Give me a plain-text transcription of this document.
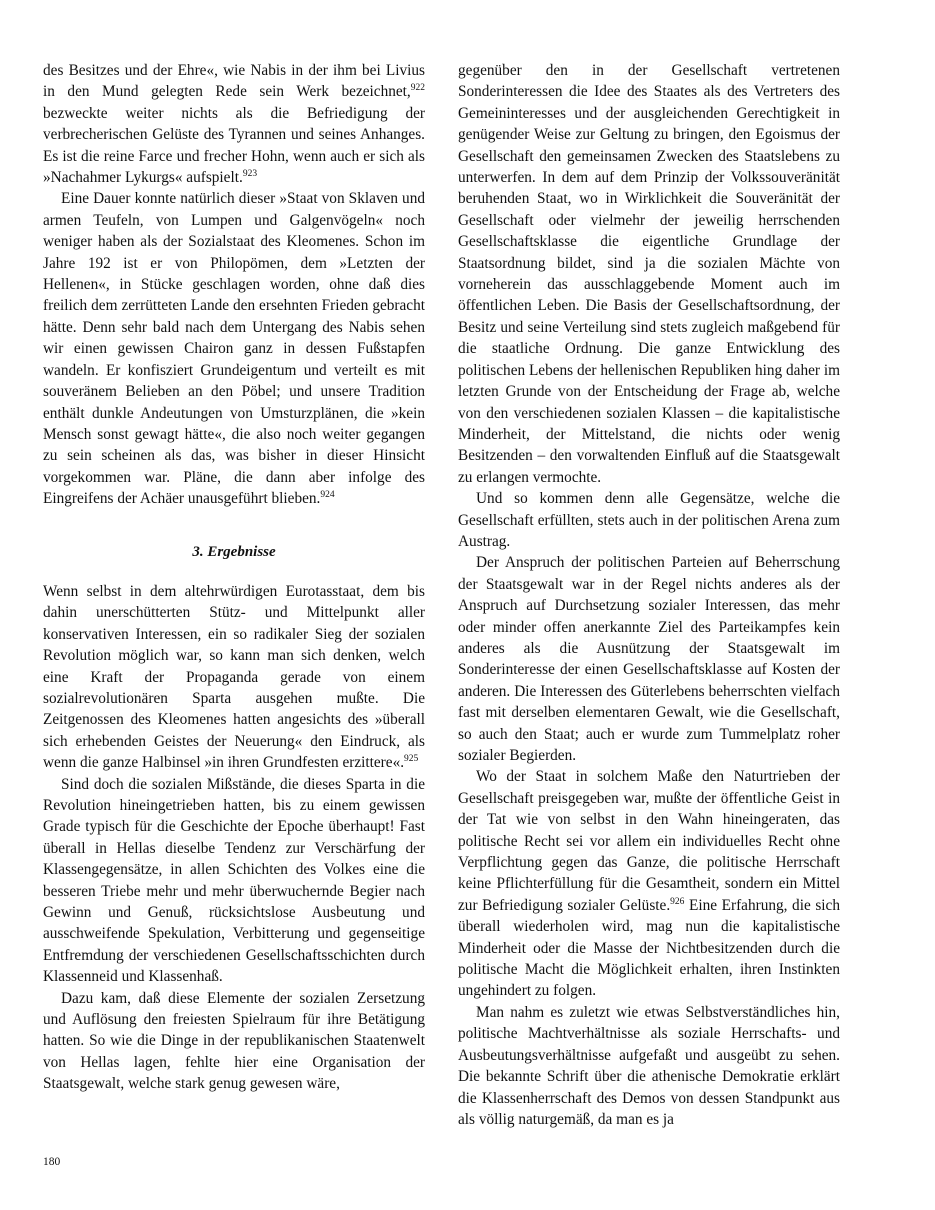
des Besitzes und der Ehre«, wie Nabis in der ihm bei Livius in den Mund gelegten Rede sein Werk bezeichnet,$^{922}$ bezweckte weiter nichts als die Befriedigung der verbrecherischen Gelüste des Tyrannen und seines Anhanges. Es ist die reine Farce und frecher Hohn, wenn auch er sich als »Nachahmer Lykurgs« aufspielt.$^{923}$

Eine Dauer konnte natürlich dieser »Staat von Sklaven und armen Teufeln, von Lumpen und Galgenvögeln« noch weniger haben als der Sozialstaat des Kleomenes. Schon im Jahre 192 ist er von Philopömen, dem »Letzten der Hellenen«, in Stücke geschlagen worden, ohne daß dies freilich dem zerrütteten Lande den ersehnten Frieden gebracht hätte. Denn sehr bald nach dem Untergang des Nabis sehen wir einen gewissen Chairon ganz in dessen Fußstapfen wandeln. Er konfisziert Grundeigentum und verteilt es mit souveränem Belieben an den Pöbel; und unsere Tradition enthält dunkle Andeutungen von Umsturzplänen, die »kein Mensch sonst gewagt hätte«, die also noch weiter gegangen zu sein scheinen als das, was bisher in dieser Hinsicht vorgekommen war. Pläne, die dann aber infolge des Eingreifens der Achäer unausgeführt blieben.$^{924}$

3. Ergebnisse

Wenn selbst in dem altehrwürdigen Eurotasstaat, dem bis dahin unerschütterten Stütz- und Mittelpunkt aller konservativen Interessen, ein so radikaler Sieg der sozialen Revolution möglich war, so kann man sich denken, welch eine Kraft der Propaganda gerade von einem sozialrevolutionären Sparta ausgehen mußte. Die Zeitgenossen des Kleomenes hatten angesichts des »überall sich erhebenden Geistes der Neuerung« den Eindruck, als wenn die ganze Halbinsel »in ihren Grundfesten erzittere«.$^{925}$

Sind doch die sozialen Mißstände, die dieses Sparta in die Revolution hineingetrieben hatten, bis zu einem gewissen Grade typisch für die Geschichte der Epoche überhaupt! Fast überall in Hellas dieselbe Tendenz zur Verschärfung der Klassengegensätze, in allen Schichten des Volkes eine die besseren Triebe mehr und mehr überwuchernde Begier nach Gewinn und Genuß, rücksichtslose Ausbeutung und ausschweifende Spekulation, Verbitterung und gegenseitige Entfremdung der verschiedenen Gesellschaftsschichten durch Klassenneid und Klassenhaß.

Dazu kam, daß diese Elemente der sozialen Zersetzung und Auflösung den freiesten Spielraum für ihre Betätigung hatten. So wie die Dinge in der republikanischen Staatenwelt von Hellas lagen, fehlte hier eine Organisation der Staatsgewalt, welche stark genug gewesen wäre,

gegenüber den in der Gesellschaft vertretenen Sonderinteressen die Idee des Staates als des Vertreters des Gemeininteresses und der ausgleichenden Gerechtigkeit in genügender Weise zur Geltung zu bringen, den Egoismus der Gesellschaft den gemeinsamen Zwecken des Staatslebens zu unterwerfen. In dem auf dem Prinzip der Volkssouveränität beruhenden Staat, wo in Wirklichkeit die Souveränität der Gesellschaft oder vielmehr der jeweilig herrschenden Gesellschaftsklasse die eigentliche Grundlage der Staatsordnung bildet, sind ja die sozialen Mächte von vorneherein das ausschlaggebende Moment auch im öffentlichen Leben. Die Basis der Gesellschaftsordnung, der Besitz und seine Verteilung sind stets zugleich maßgebend für die staatliche Ordnung. Die ganze Entwicklung des politischen Lebens der hellenischen Republiken hing daher im letzten Grunde von der Entscheidung der Frage ab, welche von den verschiedenen sozialen Klassen – die kapitalistische Minderheit, der Mittelstand, die nichts oder wenig Besitzenden – den vorwaltenden Einfluß auf die Staatsgewalt zu erlangen vermochte.

Und so kommen denn alle Gegensätze, welche die Gesellschaft erfüllten, stets auch in der politischen Arena zum Austrag.

Der Anspruch der politischen Parteien auf Beherrschung der Staatsgewalt war in der Regel nichts anderes als der Anspruch auf Durchsetzung sozialer Interessen, das mehr oder minder offen anerkannte Ziel des Parteikampfes kein anderes als die Ausnützung der Staatsgewalt im Sonderinteresse der einen Gesellschaftsklasse auf Kosten der anderen. Die Interessen des Güterlebens beherrschten vielfach fast mit derselben elementaren Gewalt, wie die Gesellschaft, so auch den Staat; auch er wurde zum Tummelplatz roher sozialer Begierden.

Wo der Staat in solchem Maße den Naturtrieben der Gesellschaft preisgegeben war, mußte der öffentliche Geist in der Tat wie von selbst in den Wahn hineingeraten, das politische Recht sei vor allem ein individuelles Recht ohne Verpflichtung gegen das Ganze, die politische Herrschaft keine Pflichterfüllung für die Gesamtheit, sondern ein Mittel zur Befriedigung sozialer Gelüste.$^{926}$ Eine Erfahrung, die sich überall wiederholen wird, mag nun die kapitalistische Minderheit oder die Masse der Nichtbesitzenden durch die politische Macht die Möglichkeit erhalten, ihren Instinkten ungehindert zu folgen.

Man nahm es zuletzt wie etwas Selbstverständliches hin, politische Machtverhältnisse als soziale Herrschafts- und Ausbeutungsverhältnisse aufgefaßt und ausgeübt zu sehen. Die bekannte Schrift über die athenische Demokratie erklärt die Klassenherrschaft des Demos von dessen Standpunkt aus als völlig naturgemäß, da man es ja

180
